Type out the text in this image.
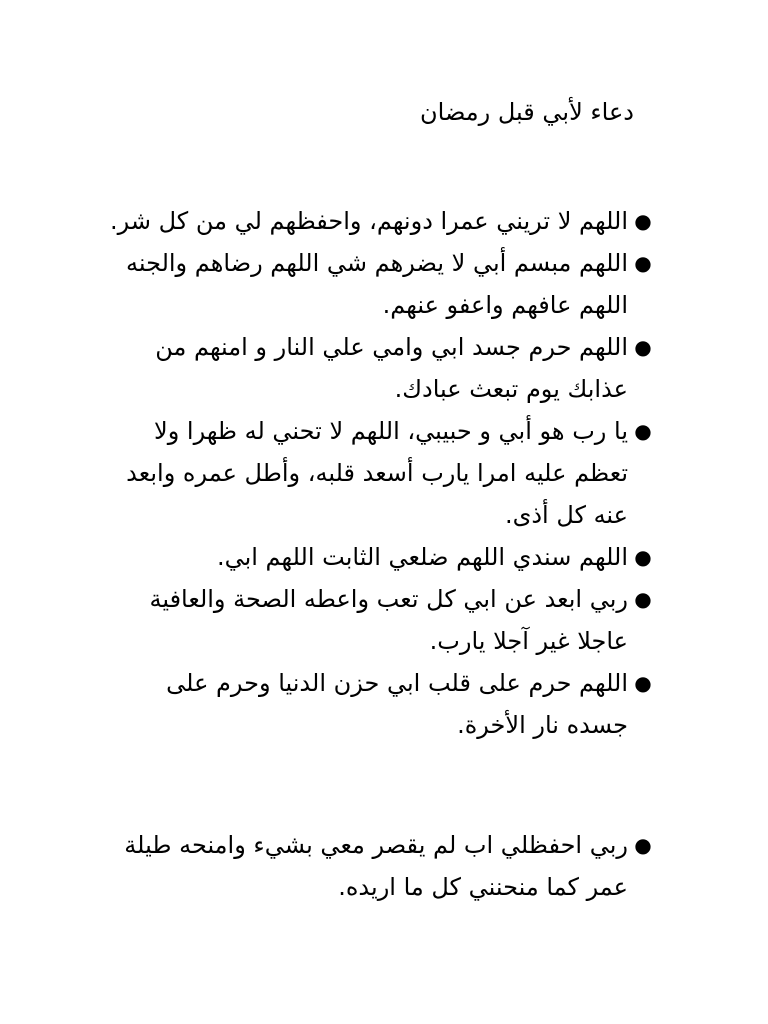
دعاء لأبي قبل رمضان
●
اللهم لا تريني عمرا دونهم، واحفظهم لي من كل شر.
●
اللهم مبسم أبي لا يضرهم شي اللهم رضاهم والجنه اللهم عافهم واعفو عنهم.
●
اللهم حرم جسد ابي وامي علي النار و امنهم من عذابك يوم تبعث عبادك.
●
يا رب هو أبي و حبيبي، اللهم لا تحني له ظهرا ولا تعظم عليه امرا يارب أسعد قلبه، وأطل عمره وابعد عنه كل أذى.
●
اللهم سندي اللهم ضلعي الثابت اللهم ابي.
●
ربي ابعد عن ابي كل تعب واعطه الصحة والعافية عاجلا غير آجلا يارب.
●
اللهم حرم على قلب ابي حزن الدنيا وحرم على جسده نار الأخرة.
●
ربي احفظلي اب لم يقصر معي بشيء وامنحه طيلة عمر كما منحنني كل ما اريده.
